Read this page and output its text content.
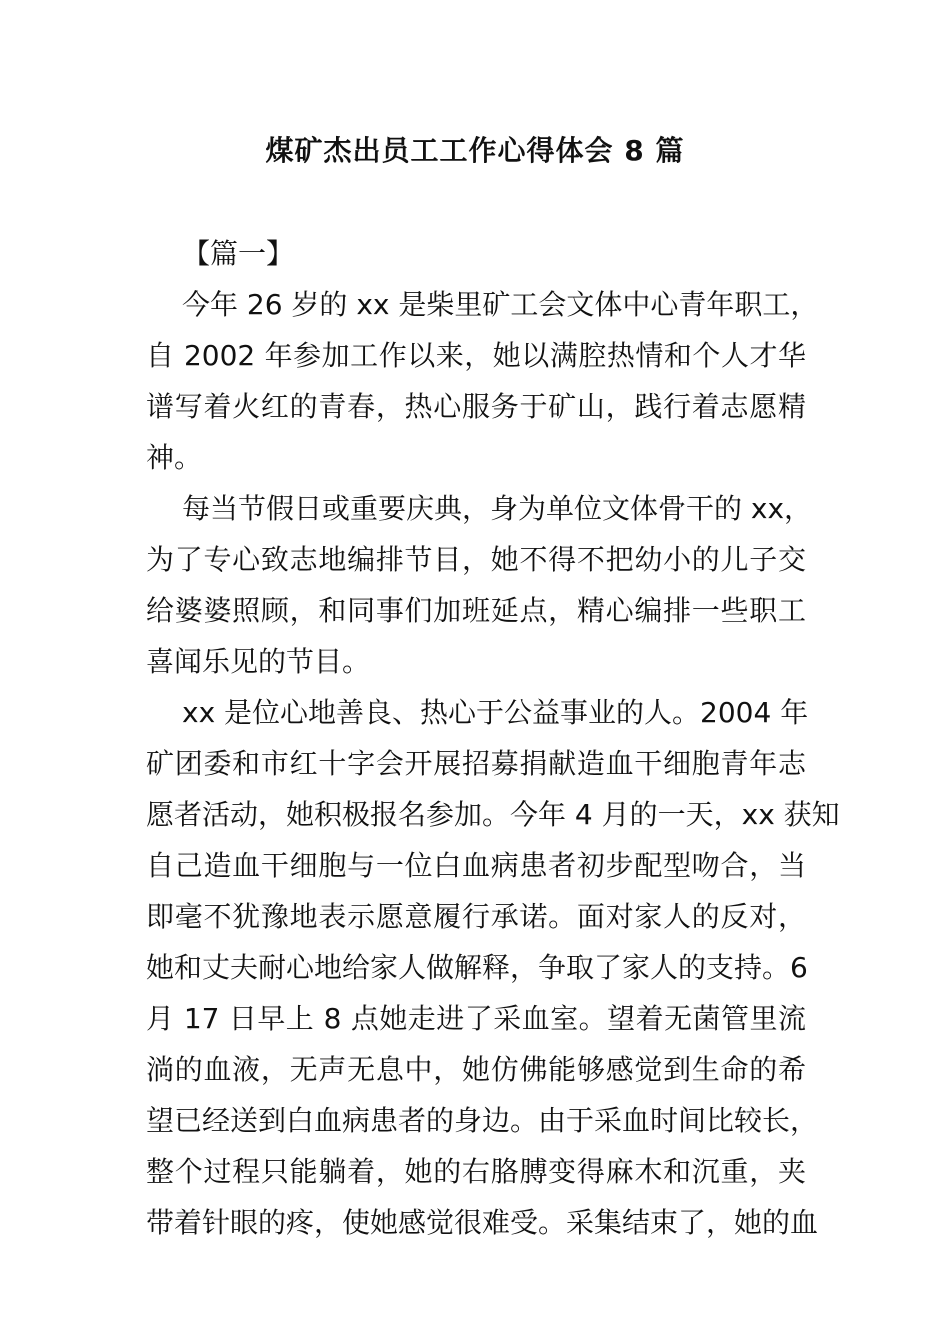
煤矿杰出员工工作心得体会 8 篇
【篇一】
今年 26 岁的 xx 是柴里矿工会文体中心青年职工，
自 2002 年参加工作以来，她以满腔热情和个人才华
谱写着火红的青春，热心服务于矿山，践行着志愿精
神。
每当节假日或重要庆典，身为单位文体骨干的 xx，
为了专心致志地编排节目，她不得不把幼小的儿子交
给婆婆照顾，和同事们加班延点，精心编排一些职工
喜闻乐见的节目。
xx 是位心地善良、热心于公益事业的人。2004 年
矿团委和市红十字会开展招募捐献造血干细胞青年志
愿者活动，她积极报名参加。今年 4 月的一天，xx 获知
自己造血干细胞与一位白血病患者初步配型吻合，当
即毫不犹豫地表示愿意履行承诺。面对家人的反对，
她和丈夫耐心地给家人做解释，争取了家人的支持。6
月 17 日早上 8 点她走进了采血室。望着无菌管里流
淌的血液，无声无息中，她仿佛能够感觉到生命的希
望已经送到白血病患者的身边。由于采血时间比较长，
整个过程只能躺着，她的右胳膊变得麻木和沉重，夹
带着针眼的疼，使她感觉很难受。采集结束了，她的血
